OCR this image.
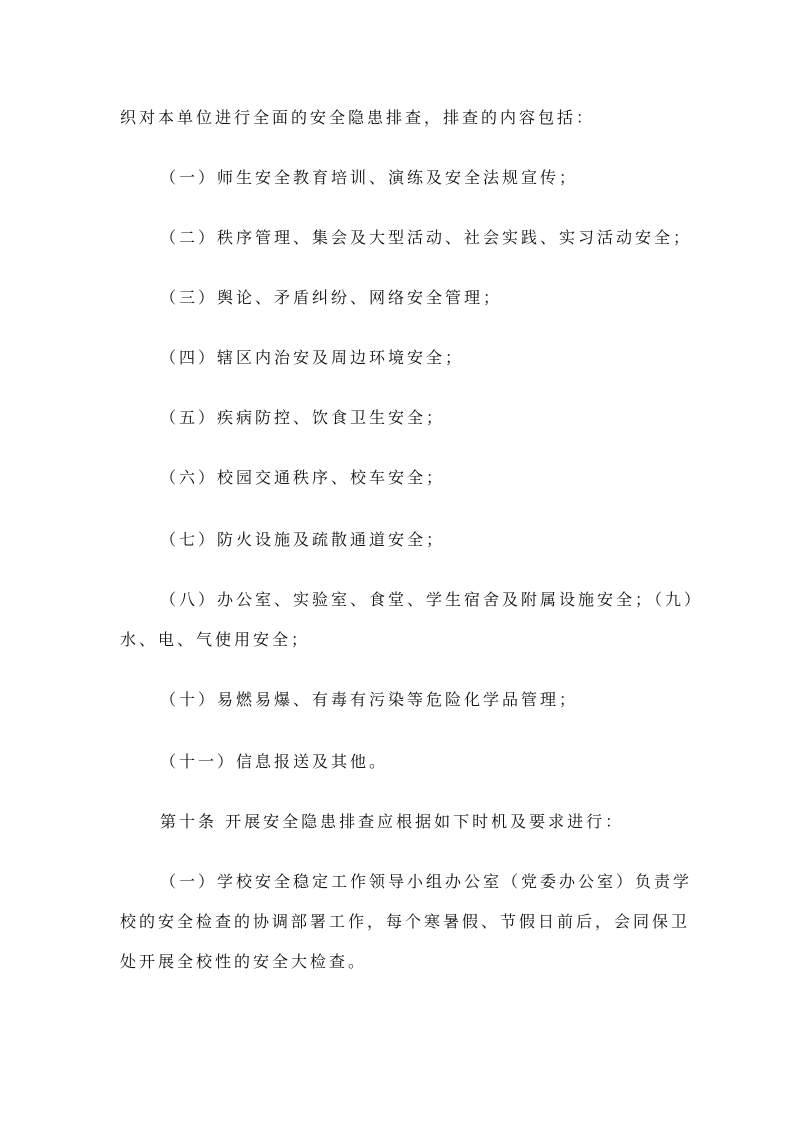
织对本单位进行全面的安全隐患排查，排查的内容包括：
（一）师生安全教育培训、演练及安全法规宣传；
（二）秩序管理、集会及大型活动、社会实践、实习活动安全；
（三）舆论、矛盾纠纷、网络安全管理；
（四）辖区内治安及周边环境安全；
（五）疾病防控、饮食卫生安全；
（六）校园交通秩序、校车安全；
（七）防火设施及疏散通道安全；
（八）办公室、实验室、食堂、学生宿舍及附属设施安全；（九）
水、电、气使用安全；
（十）易燃易爆、有毒有污染等危险化学品管理；
（十一）信息报送及其他。
第十条 开展安全隐患排查应根据如下时机及要求进行：
（一）学校安全稳定工作领导小组办公室（党委办公室）负责学
校的安全检查的协调部署工作，每个寒暑假、节假日前后，会同保卫
处开展全校性的安全大检查。
